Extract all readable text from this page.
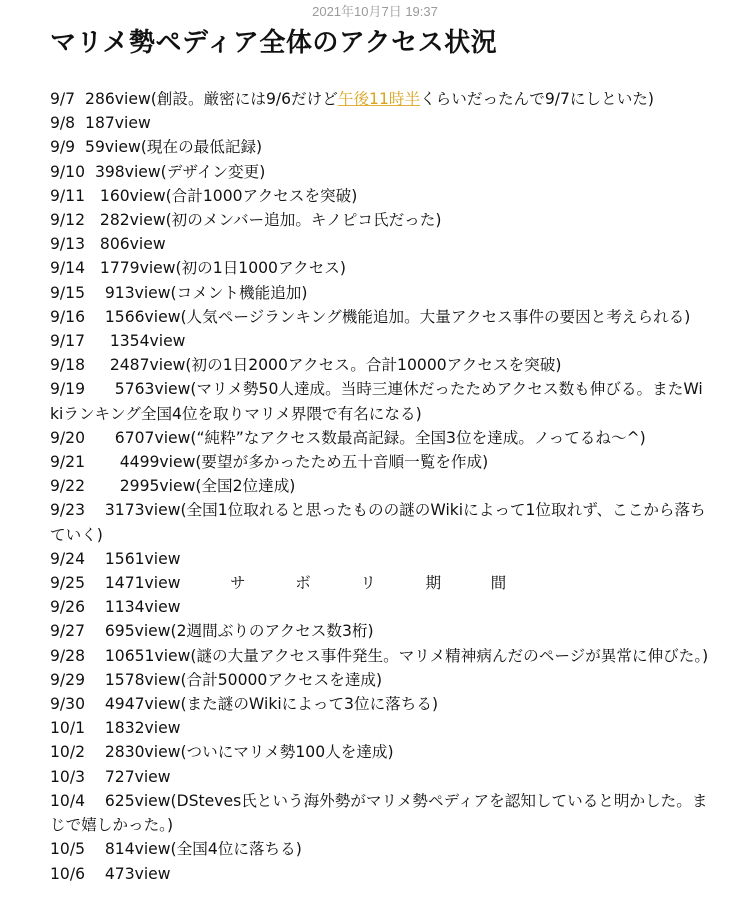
2021年10月7日 19:37
マリメ勢ペディア全体のアクセス状況
9/7 286view(創設。厳密には9/6だけど午後11時半くらいだったんで9/7にしといた)
9/8 187view
9/9 59view(現在の最低記録)
9/10 398view(デザイン変更)
9/11 160view(合計1000アクセスを突破)
9/12 282view(初のメンバー追加。キノピコ氏だった)
9/13 806view
9/14 1779view(初の1日1000アクセス)
9/15 913view(コメント機能追加)
9/16 1566view(人気ページランキング機能追加。大量アクセス事件の要因と考えられる)
9/17 1354view
9/18 2487view(初の1日2000アクセス。合計10000アクセスを突破)
9/19 5763view(マリメ勢50人達成。当時三連休だったためアクセス数も伸びる。またWikiランキング全国4位を取りマリメ界隈で有名になる)
9/20 6707view(“純粋”なアクセス数最高記録。全国3位を達成。ノってるね〜^)
9/21 4499view(要望が多かったため五十音順一覧を作成)
9/22 2995view(全国2位達成)
9/23 3173view(全国1位取れると思ったものの謎のWikiによって1位取れず、ここから落ちていく)
9/24 1561view
9/25 1471view          サ          ボ          リ          期          間
9/26 1134view
9/27 695view(2週間ぶりのアクセス数3桁)
9/28 10651view(謎の大量アクセス事件発生。マリメ精神病んだのページが異常に伸びた。)
9/29 1578view(合計50000アクセスを達成)
9/30 4947view(また謎のWikiによって3位に落ちる)
10/1 1832view
10/2 2830view(ついにマリメ勢100人を達成)
10/3 727view
10/4 625view(DSteves氏という海外勢がマリメ勢ペディアを認知していると明かした。まじで嬉しかった。)
10/5 814view(全国4位に落ちる)
10/6 473view
